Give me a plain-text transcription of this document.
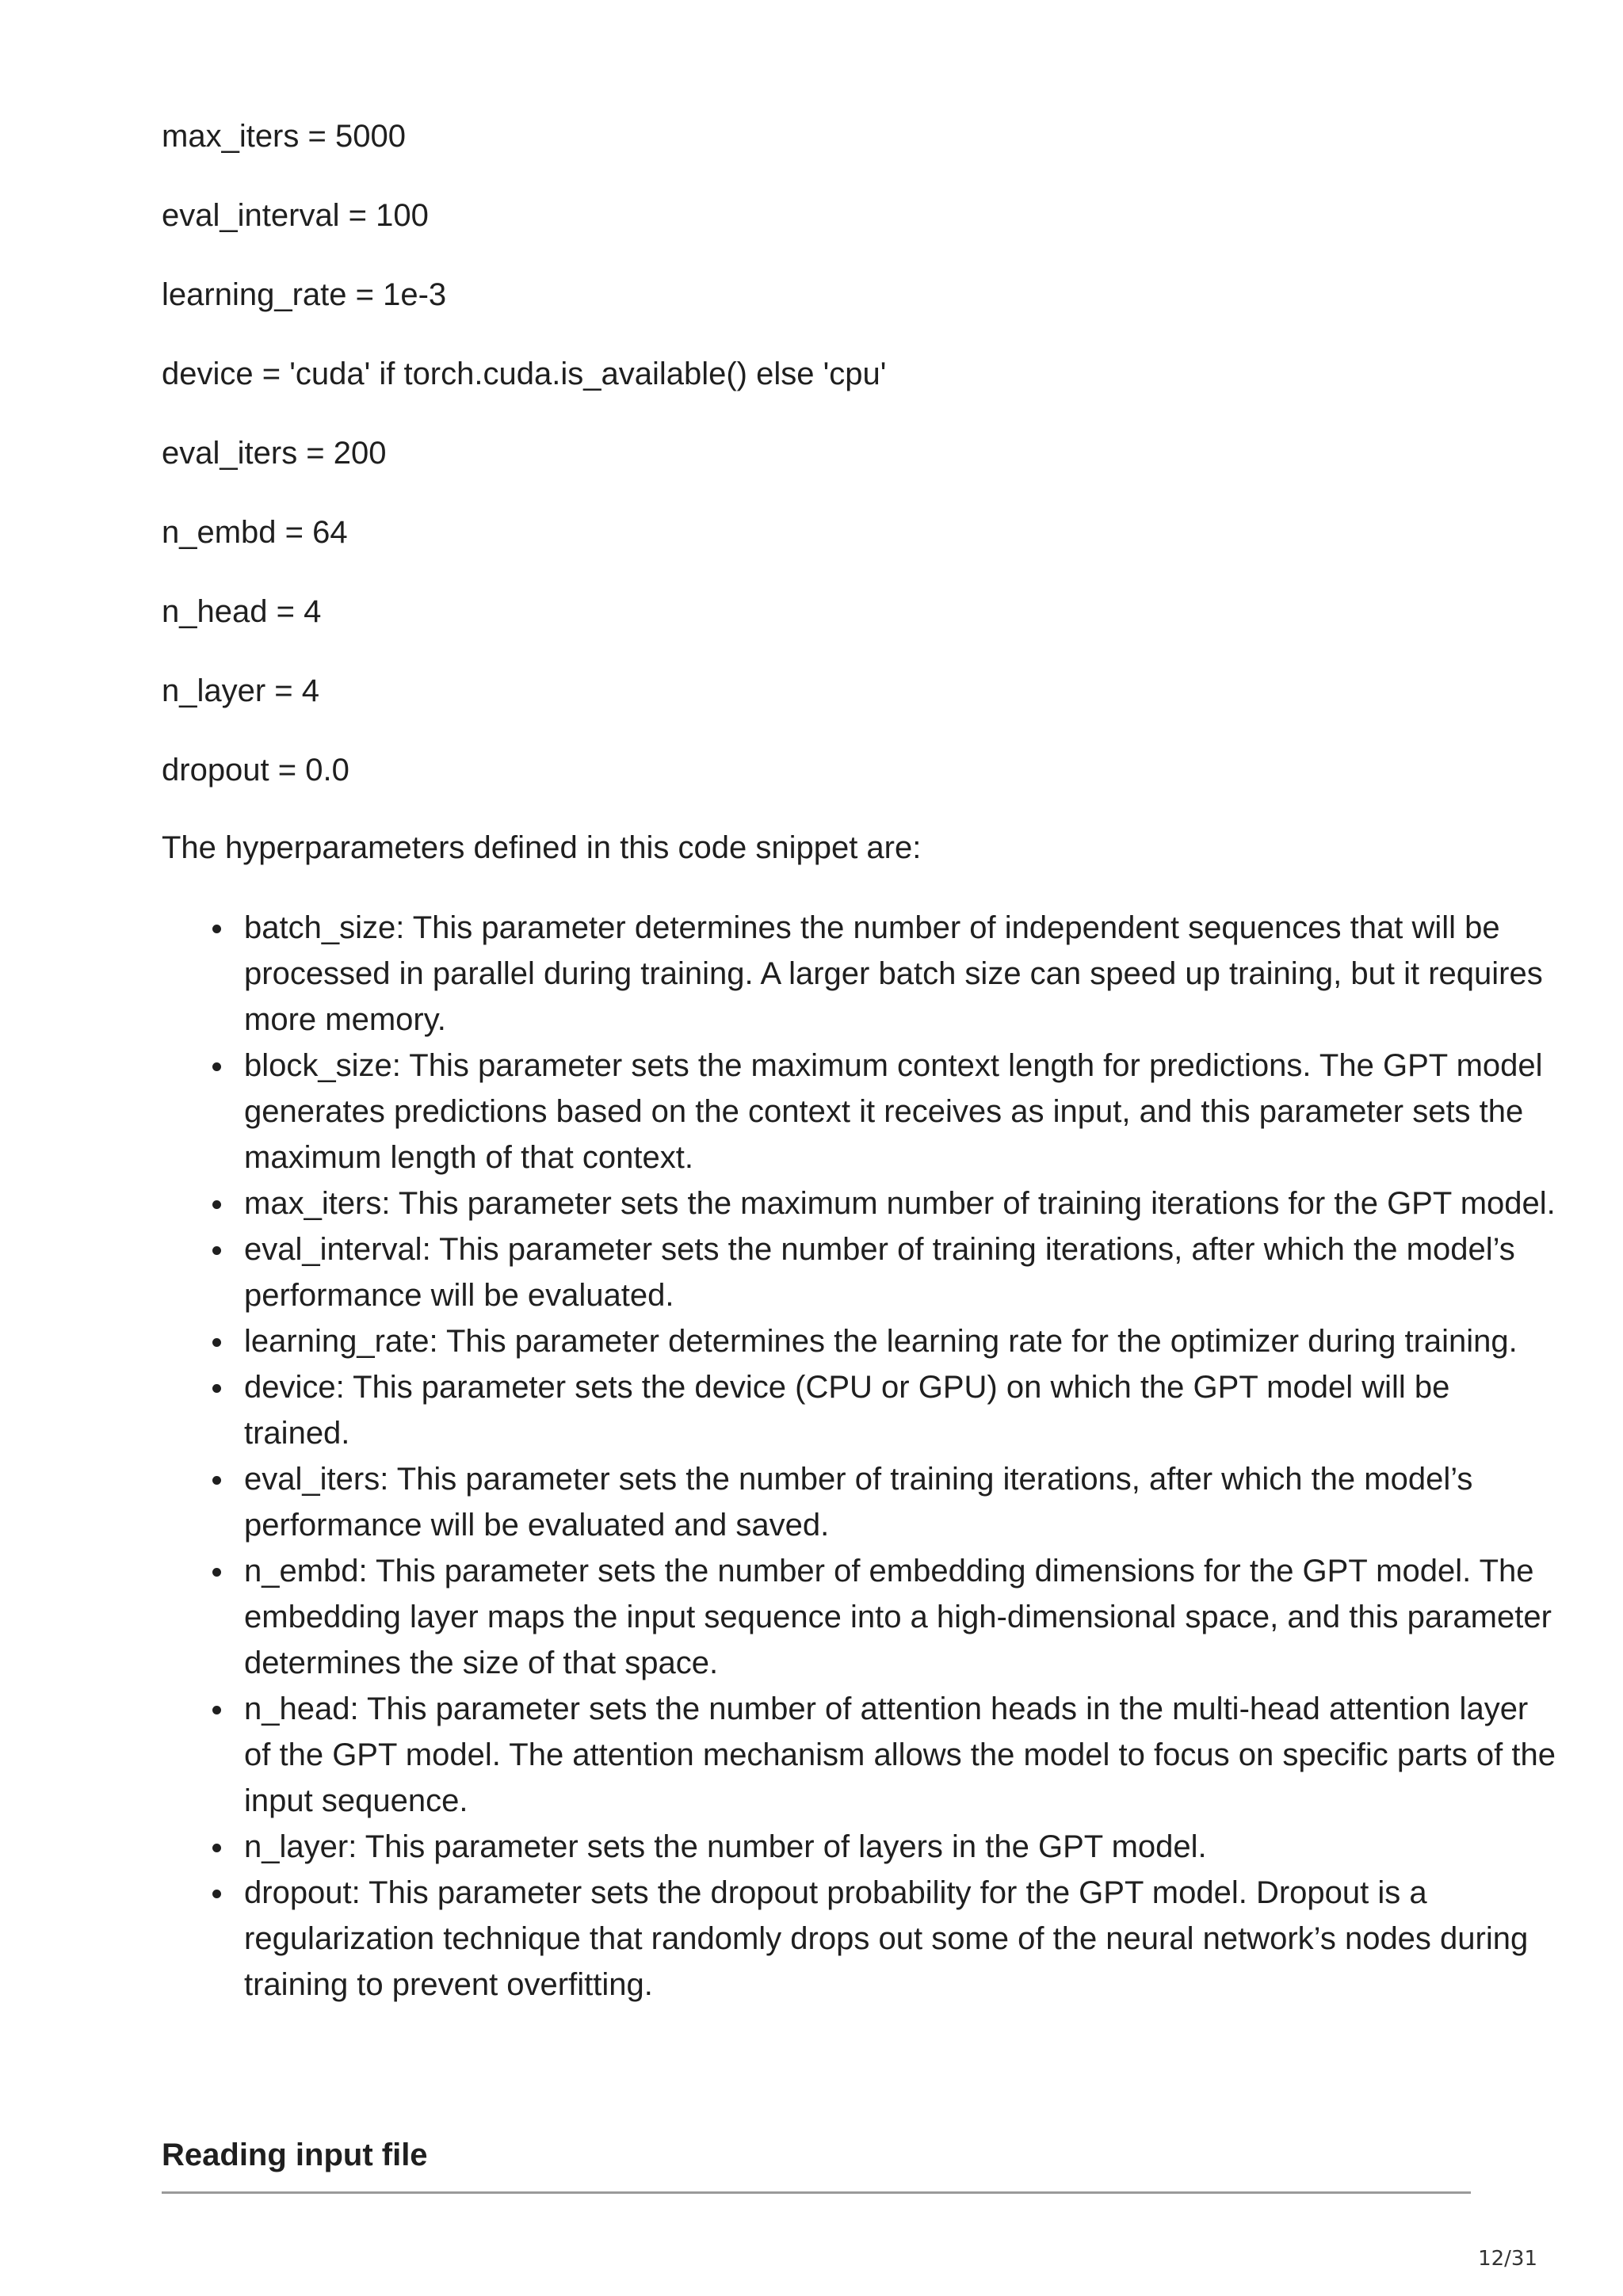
max_iters = 5000

eval_interval = 100

learning_rate = 1e-3

device = 'cuda' if torch.cuda.is_available() else 'cpu'

eval_iters = 200

n_embd = 64

n_head = 4

n_layer = 4

dropout = 0.0

The hyperparameters defined in this code snippet are:

batch_size: This parameter determines the number of independent sequences that will be processed in parallel during training. A larger batch size can speed up training, but it requires more memory.
block_size: This parameter sets the maximum context length for predictions. The GPT model generates predictions based on the context it receives as input, and this parameter sets the maximum length of that context.
max_iters: This parameter sets the maximum number of training iterations for the GPT model.
eval_interval: This parameter sets the number of training iterations, after which the model’s performance will be evaluated.
learning_rate: This parameter determines the learning rate for the optimizer during training.
device: This parameter sets the device (CPU or GPU) on which the GPT model will be trained.
eval_iters: This parameter sets the number of training iterations, after which the model’s performance will be evaluated and saved.
n_embd: This parameter sets the number of embedding dimensions for the GPT model. The embedding layer maps the input sequence into a high-dimensional space, and this parameter determines the size of that space.
n_head: This parameter sets the number of attention heads in the multi-head attention layer of the GPT model. The attention mechanism allows the model to focus on specific parts of the input sequence.
n_layer: This parameter sets the number of layers in the GPT model.
dropout: This parameter sets the dropout probability for the GPT model. Dropout is a regularization technique that randomly drops out some of the neural network’s nodes during training to prevent overfitting.
Reading input file
12/31
